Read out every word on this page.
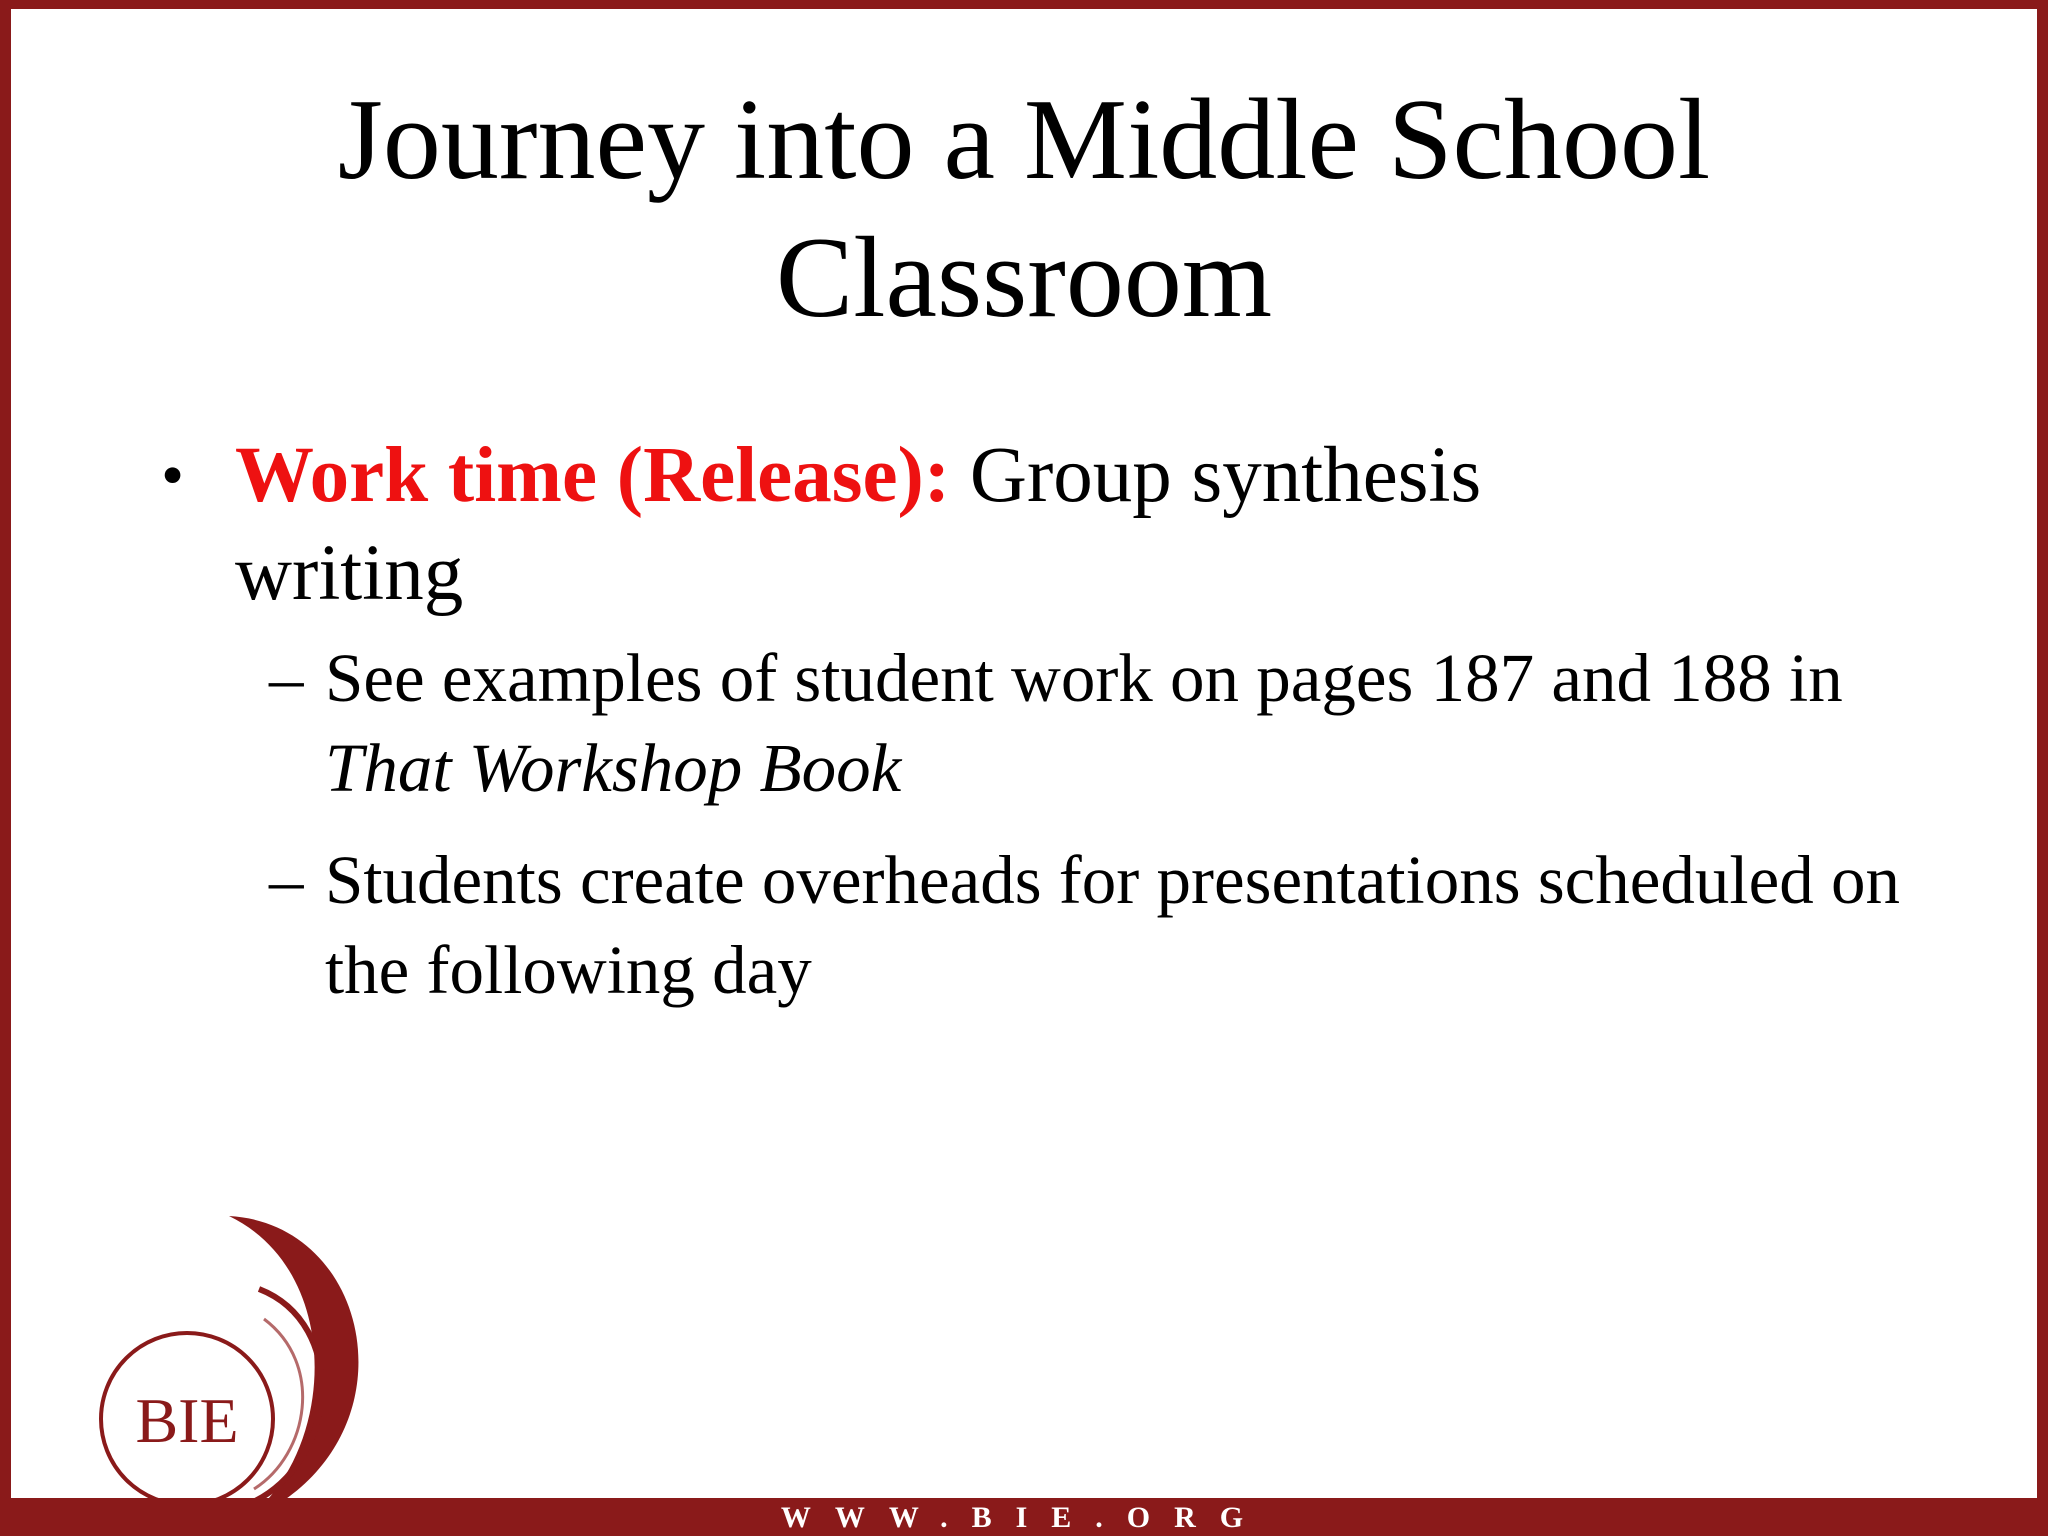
Journey into a Middle School
Classroom
• Work time (Release): Group synthesis
writing
– See examples of student work on pages 187 and 188 in That Workshop Book
– Students create overheads for presentations scheduled on the following day
BIE
WWW.BIE.ORG
